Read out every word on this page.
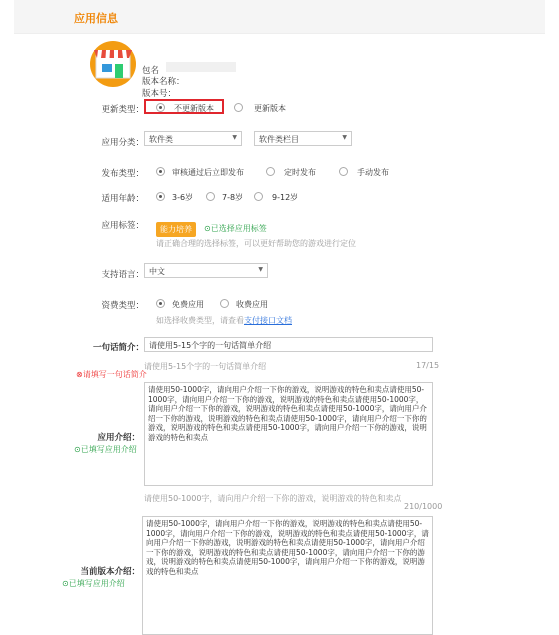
应用信息
包名
版本名称：
版本号：
更新类型：	不更新版本	更新版本
应用分类： 软件类	▼	软件类栏目	▼
发布类型：	审核通过后立即发布	定时发布	手动发布
适用年龄：	3-6岁	7-8岁	9-12岁
应用标签：	能力培养	⊙已选择应用标签
请正确合理的选择标签，可以更好帮助您的游戏进行定位
支持语言： 中文	▼
资费类型：	免费应用	收费应用
如选择收费类型，请查看支付接口文档
一句话简介： 请使用5-15个字的一句话简单介绍
请使用5-15个字的一句话简单介绍	17/15
⊗请填写一句话简介
应用介绍：
⊙已填写应用介绍
请使用50-1000字，请向用户介绍一下你的游戏，说明游戏的特色和卖点请使用50-1000字，请向用户介绍一下你的游戏，说明游戏的特色和卖点请使用50-1000字，请向用户介绍一下你的游戏，说明游戏的特色和卖点请使用50-1000字，请向用户介绍一下你的游戏，说明游戏的特色和卖点请使用50-1000字，请向用户介绍一下你的游戏，说明游戏的特色和卖点请使用50-1000字，请向用户介绍一下你的游戏，说明游戏的特色和卖点
请使用50-1000字，请向用户介绍一下你的游戏，说明游戏的特色和卖点
210/1000
当前版本介绍：
⊙已填写应用介绍
请使用50-1000字，请向用户介绍一下你的游戏，说明游戏的特色和卖点请使用50-1000字，请向用户介绍一下你的游戏，说明游戏的特色和卖点请使用50-1000字，请向用户介绍一下你的游戏，说明游戏的特色和卖点请使用50-1000字，请向用户介绍一下你的游戏，说明游戏的特色和卖点请使用50-1000字，请向用户介绍一下你的游戏，说明游戏的特色和卖点请使用50-1000字，请向用户介绍一下你的游戏，说明游戏的特色和卖点
